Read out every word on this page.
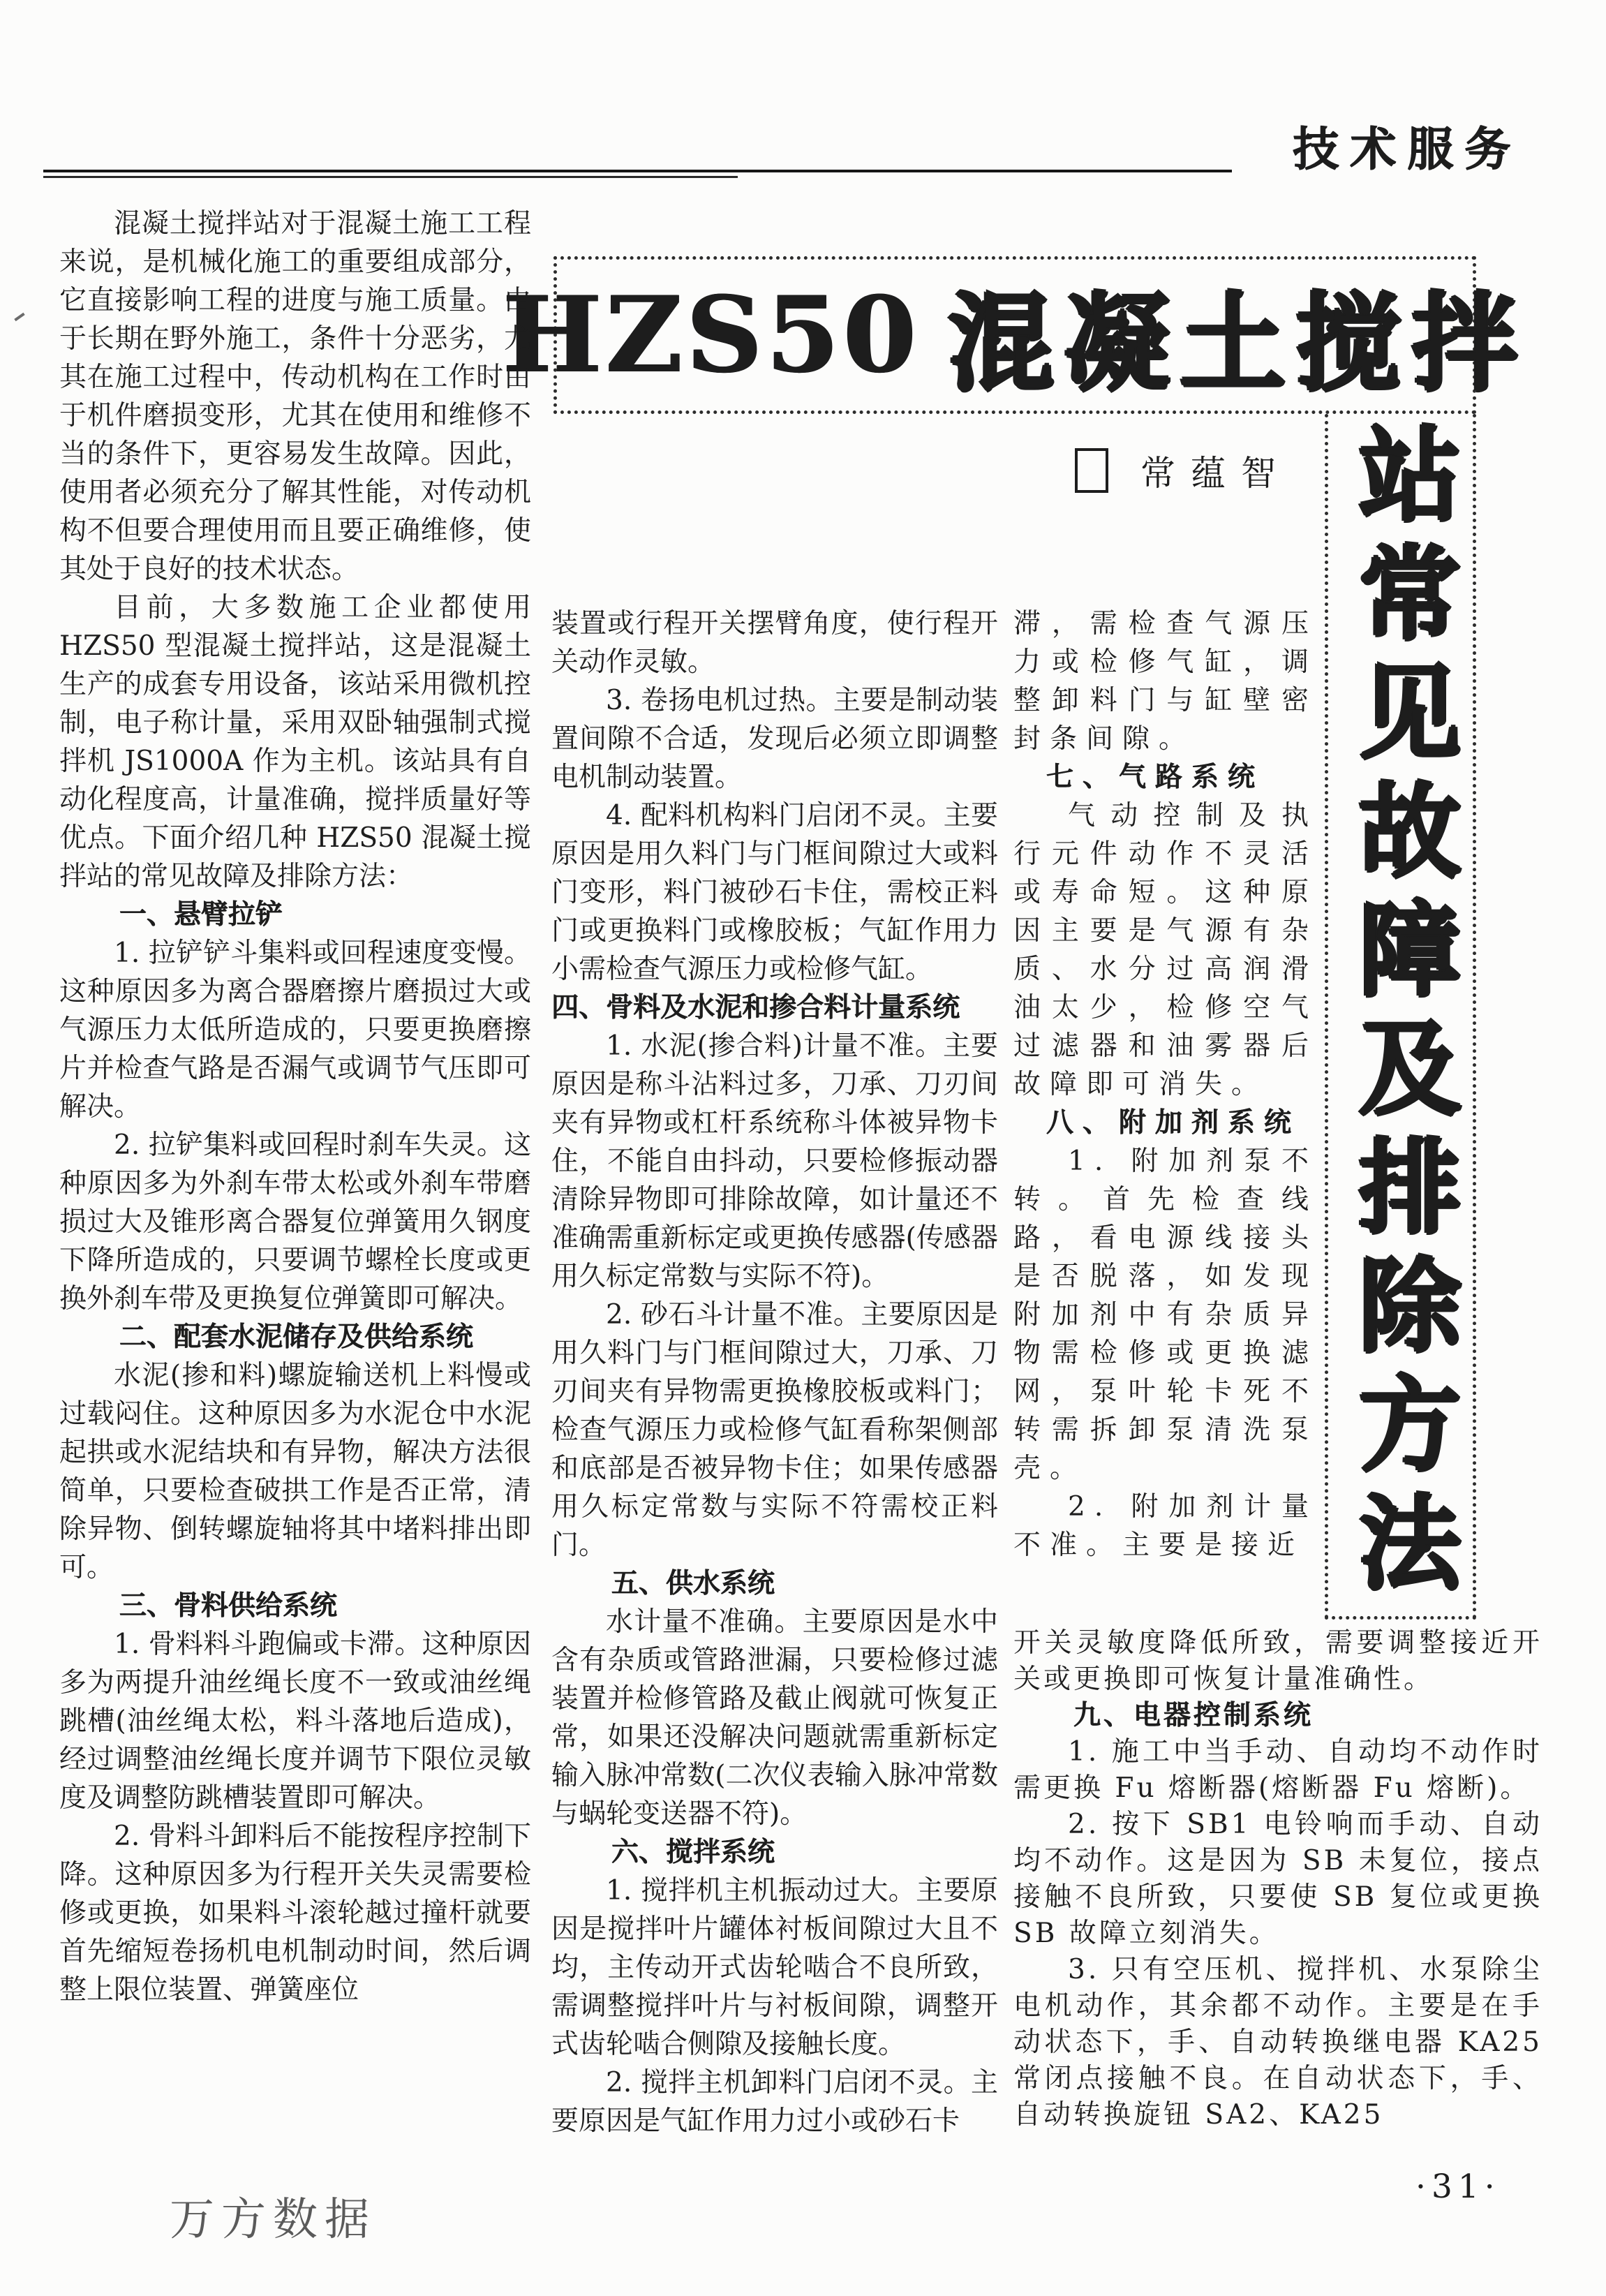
技术服务
HZS50 混凝土搅拌
站常见故障及排除方法
常蕴智
混凝土搅拌站对于混凝土施工工程来说，是机械化施工的重要组成部分，它直接影响工程的进度与施工质量。由于长期在野外施工，条件十分恶劣，尤其在施工过程中，传动机构在工作时由于机件磨损变形，尤其在使用和维修不当的条件下，更容易发生故障。因此，使用者必须充分了解其性能，对传动机构不但要合理使用而且要正确维修，使其处于良好的技术状态。
目前，大多数施工企业都使用 HZS50 型混凝土搅拌站，这是混凝土生产的成套专用设备，该站采用微机控制，电子称计量，采用双卧轴强制式搅拌机 JS1000A 作为主机。该站具有自动化程度高，计量准确，搅拌质量好等优点。下面介绍几种 HZS50 混凝土搅拌站的常见故障及排除方法：
一、悬臂拉铲
1. 拉铲铲斗集料或回程速度变慢。这种原因多为离合器磨擦片磨损过大或气源压力太低所造成的，只要更换磨擦片并检查气路是否漏气或调节气压即可解决。
2. 拉铲集料或回程时刹车失灵。这种原因多为外刹车带太松或外刹车带磨损过大及锥形离合器复位弹簧用久钢度下降所造成的，只要调节螺栓长度或更换外刹车带及更换复位弹簧即可解决。
二、配套水泥储存及供给系统
水泥(掺和料)螺旋输送机上料慢或过载闷住。这种原因多为水泥仓中水泥起拱或水泥结块和有异物，解决方法很简单，只要检查破拱工作是否正常，清除异物、倒转螺旋轴将其中堵料排出即可。
三、骨料供给系统
1. 骨料料斗跑偏或卡滞。这种原因多为两提升油丝绳长度不一致或油丝绳跳槽(油丝绳太松，料斗落地后造成)，经过调整油丝绳长度并调节下限位灵敏度及调整防跳槽装置即可解决。
2. 骨料斗卸料后不能按程序控制下降。这种原因多为行程开关失灵需要检修或更换，如果料斗滚轮越过撞杆就要首先缩短卷扬机电机制动时间，然后调整上限位装置、弹簧座位
装置或行程开关摆臂角度，使行程开关动作灵敏。
3. 卷扬电机过热。主要是制动装置间隙不合适，发现后必须立即调整电机制动装置。
4. 配料机构料门启闭不灵。主要原因是用久料门与门框间隙过大或料门变形，料门被砂石卡住，需校正料门或更换料门或橡胶板；气缸作用力小需检查气源压力或检修气缸。
四、骨料及水泥和掺合料计量系统
1. 水泥(掺合料)计量不准。主要原因是称斗沾料过多，刀承、刀刃间夹有异物或杠杆系统称斗体被异物卡住，不能自由抖动，只要检修振动器清除异物即可排除故障，如计量还不准确需重新标定或更换传感器(传感器用久标定常数与实际不符)。
2. 砂石斗计量不准。主要原因是用久料门与门框间隙过大，刀承、刀刃间夹有异物需更换橡胶板或料门；检查气源压力或检修气缸看称架侧部和底部是否被异物卡住；如果传感器用久标定常数与实际不符需校正料门。
五、供水系统
水计量不准确。主要原因是水中含有杂质或管路泄漏，只要检修过滤装置并检修管路及截止阀就可恢复正常，如果还没解决问题就需重新标定输入脉冲常数(二次仪表输入脉冲常数与蜗轮变送器不符)。
六、搅拌系统
1. 搅拌机主机振动过大。主要原因是搅拌叶片罐体衬板间隙过大且不均，主传动开式齿轮啮合不良所致，需调整搅拌叶片与衬板间隙，调整开式齿轮啮合侧隙及接触长度。
2. 搅拌主机卸料门启闭不灵。主要原因是气缸作用力过小或砂石卡
滞，需检查气源压力或检修气缸，调整卸料门与缸壁密封条间隙。
七、气路系统
气动控制及执行元件动作不灵活或寿命短。这种原因主要是气源有杂质、水分过高润滑油太少，检修空气过滤器和油雾器后故障即可消失。
八、附加剂系统
1. 附加剂泵不转。首先检查线路，看电源线接头是否脱落，如发现附加剂中有杂质异物需检修或更换滤网，泵叶轮卡死不转需拆卸泵清洗泵壳。
2. 附加剂计量不准。主要是接近
开关灵敏度降低所致，需要调整接近开关或更换即可恢复计量准确性。
九、电器控制系统
1. 施工中当手动、自动均不动作时需更换 Fu 熔断器(熔断器 Fu 熔断)。
2. 按下 SB1 电铃响而手动、自动均不动作。这是因为 SB 未复位，接点接触不良所致，只要使 SB 复位或更换 SB 故障立刻消失。
3. 只有空压机、搅拌机、水泵除尘电机动作，其余都不动作。主要是在手动状态下，手、自动转换继电器 KA25 常闭点接触不良。在自动状态下，手、自动转换旋钮 SA2、KA25
·31·
万方数据
